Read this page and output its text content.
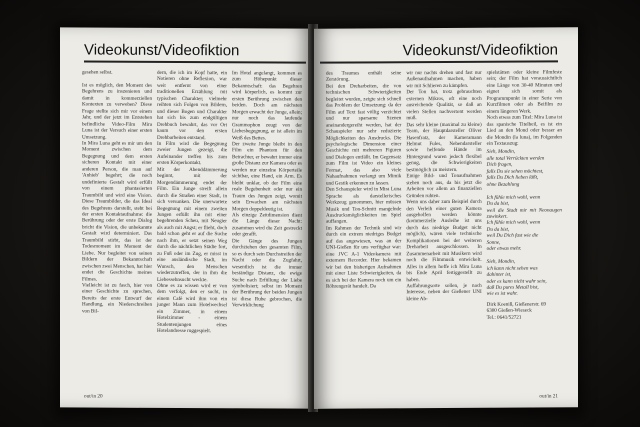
Videokunst/Videofiktion
gesehen selbst.

Ist es möglich, den Moment des Begehrens zu inszenieren und damit in kommerziellen Kontexten zu verweben? Diese Frage stellte sich mir vor einem Jahr, und der jetzt im Entstehen befindliche Video-Film Mira Luna ist der Versuch einer ersten Umsetzung.
In Mira Luna geht es mir um den Moment zwischen dem Begegnung und dem ersten sicheren Kontakt mit einer anderen Person, die man auf 'Anhieb' begehrt; die noch undefinierte Gestalt wird erfüllt von einem phantasierten Traumbild und wird eine Vision. Diese Traumbilder, die das Ideal des Begehrens darstellt, steht bei der ersten Kontaktaufnahme: die Berührung oder der erste Dialog bricht die Vision, die unbekannte Gestalt wird determiniert. Das Traumbild stirbt, das ist der Todesmoment im Moment der Liebe. Nur begleitet von seinen Bildern der Bekanntschaft zwischen zwei Menschen, hat hier endet die Geschichte meines Filmes.
Vielleicht ist zu fasch, hier von einer Geschichte zu sprechen, Bereits der erste Entwurf der Handlung, ein Niederschreiben von Bil-
dern, die ich im Kopf hatte, ein Notieren ohne Reflexion, war weit entfernt von einer traditionellen Erzählung mit typischen Charakter; vielmehr reihten sich Folgen von Bildern, und dieser Bogen und Charakter hat sich bis zum endgültigen Drehbuch bewahrt, das vor Ort kaum vor den ersten Drehbarbeiten entstand.
In Film wird die Begegnung zweier Jungen gezeigt, die Aufeinander treffen bis zum ersten Körperkontakt.
Mit der Abenddämmerung beginnt, mit der Morgendämmerung endet der Film. Ein Junge streift allein durch die Straßen einer Stadt, in sich versunken. Die unerwartete Begegnung mit einem zweiten Jungen erfüllt ihn mit einer begehrenden Scheu, mit Neugier als auch mit Angst; er flieht, doch bald schon geht er auf die Suche nach ihm, er setzt seinen Weg durch die nächtlichen Städte fort, zu Fuß oder im Zug, er misst in eine ausländische Stadt, im Wunsch, den Menschen wiederzutreffen, der in ihm die Liebessehnsucht weckte.
Ohne es zu wissen wird er von dem verfolgt, den er sucht, in einem Café wird ihm von ein junger Mann zum Hotelwechsel ein Zimmer, in einem Hotelzimmer - einem Studentenjungen eines Hotelandresse ruggespielt.
Im Hotel angelangt, kommen es zum Höhepunkt dieser Bekanntschaft: das Begehren wird körperlich, es kommt zur ersten Berührung zwischen den beiden. Doch am nächsten Morgen erwacht der Junge, allein; nur noch das laufende Grammophon zeugt von der Liebesbegegnung, er ist allein im Weiß des Bettes.
Der zweite Junge bleibt in den Film ein Phantom für den Betrachter, er bewahrt immer eine große Distanz zur Kamera oder es werden nur einzelne Körperteile sichtbar, eine Hand, ein Arm. Es bleibt unklar, ob der Film eine reale Begebenheit oder nur ein Traum des Jungen zeigt, womit sein Erwachen am nächsten Morgen doppeldeutig ist.
Als einzige Zeitdimension dient die Länge dieser Nacht: zusammen wird die Zeit gestreckt oder gerafft.
Die Gänge des Jungen durchziehen den gesamten Film, so es durch sein Durchstreifen der Nacht oder die Zugfahrt, wesentlich ist die immer beständige Distanz, die ewige Suche nach Erfüllung der Liebe symbolisiert; selbst im Moment der Berührung der beiden Jungen ist diese Ruhe gebrochen, die Verwirklichung
out/in 20
Videokunst/Videofiktion
des Traumes enthält seine Zerstörung.
Bei den Dreharbeiten, die von technischen Schwierigkeiten begleitet wurden, zeigte sich schnell das Problem der Umsetzung: da der Film auf Text fast völlig verzichtet und nur sparsame Szenen aneinandergereiht werden, hat der Schauspieler nur sehr reduzierte Möglichkeiten des Ausdrucks. Die psychologische Dimension einer Geschichte mit mehreren Figuren und Dialogen entfällt. Im Gegensatz zum Film ist Video ein kleines Format, das also viele Nahaufnahmen verlangt um Mimik und Gestik erkennen zu lassen.
Den Schauspieler wird in Mira Luna Sprache als darstellerisches Werkzeug genommen, hier müssen Musik und Ton-Schnitt mangelnde Ausdrucksmöglichkeiten im Spiel auffangen.
Im Rahmen der Technik sind wir durch ein extrem niedriges Budget auf das angewiesen, was an der UNI-Gießen für uns verfügbar war: eine JVC A-1 Videokamera mit externem Recorder. Hier bekamen wir bei den bisherigen Aufnahmen mit einer Liste Schwierigkeiten, da es sich bei der Kamera noch um ein Röhrengerät handelt. Da
wir nur nachts drehen und fast nur Außenaufnahmen machen, haben wir mit Schlieren zu kämpfen.
Der Ton hat, trotz gebrauchten externen Mikros, oft eine noch ausreichende Qualität, so daß an vielen Stellen nachvertont werden muß.
Das sehr kleine (maximal zu kleine) Team, der Hauptdarsteller Oliver Hasenfratz, der Kameramann Helmut Fules, Nebendarsteller sowie helfende Hände im Hintergrund waren jedoch flexibel genug, die Schwierigkeiten bestmöglich zu meistern.
Einige Bild- und Tonaufnahmen stehen noch aus, da bis jetzt die Arbeiten vor allem an finanziellen Gründen ruhten.
Wenn uns daher zum Beispiel durch den Verleih einer guten Kamera ausgeholfen werden könnte (kommerzielle Ausleihe ist uns durch das niedrige Budget nicht möglich), wären viele technische Komplikationen bei der weiteren Dreharbeit ausgeschlossen. In Zusammenarbeit mit Musikern wird noch die Filmmusik entwickelt. Alles in allem hoffe ich Mira Luna bis Ende April fertiggestellt zu haben.
Auffahrungsorte sollen, je nach Interesse, neben der Gießener UNI kleine Ab-
spielstätten oder kleine Filmfeste sein; der Film hat voraussichtlich eine Länge von 30-40 Minuten und eignet sich somit als Programmpunkt in einer Serie von Kurzfilmen oder als Beifilm zu einem längeren Werk.
Noch etwas zum Titel: Mira Luna ist das spanische Titelbeil, es ist ein Lied an den Mond oder besser an die Mondin (la luna), im Folgenden ein Textauszug:
Sieh, Mondin,
alle total Verrückten werden
Dich fragen,
falls Du sie sehen möchtest,
falls Du Dich lieben läßt,
ohne Bezahlung

Ich fühle mich wohl, wenn
Du da bist,
weil die Stadt mir mit Neonaugen zuwinkert.
Ich fühle mich wohl, wenn
Du da bist,
weil Du Dich fast wie die
Sonne,
oder etwas mehr.

Sieh, Mondin,
ich kann nicht sehen was
dahinter ist,
oder es kann nicht wahr sein,
daß Du pures Metall bist,
wie es ist wahr.
Dirk Koeniß, Gießenerstr. 69
6300 Gießen-Wieseck
Tel.: 0641/52721
out/in 21
